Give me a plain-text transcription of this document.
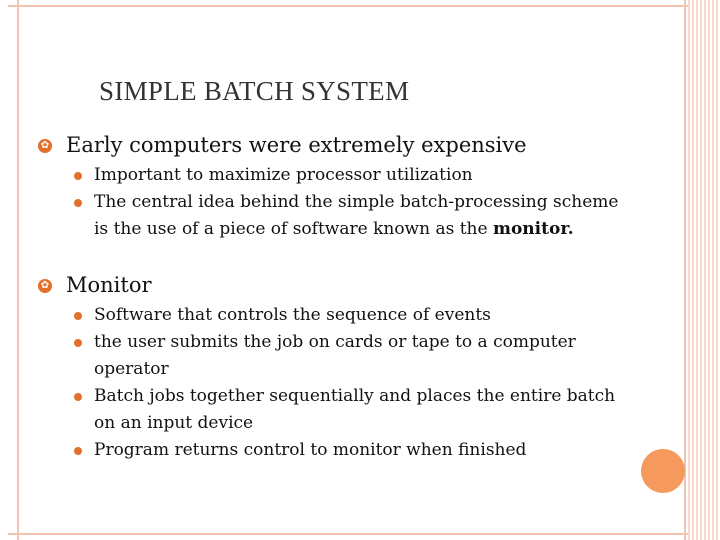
SIMPLE BATCH SYSTEM
✿ Early computers were extremely expensive
Important to maximize processor utilization
The central idea behind the simple batch-processing scheme is the use of a piece of software known as the monitor.
✿ Monitor
Software that controls the sequence of events
the user submits the job on cards or tape to a computer operator
Batch jobs together sequentially and places the entire batch on an input device
Program returns control to monitor when finished
